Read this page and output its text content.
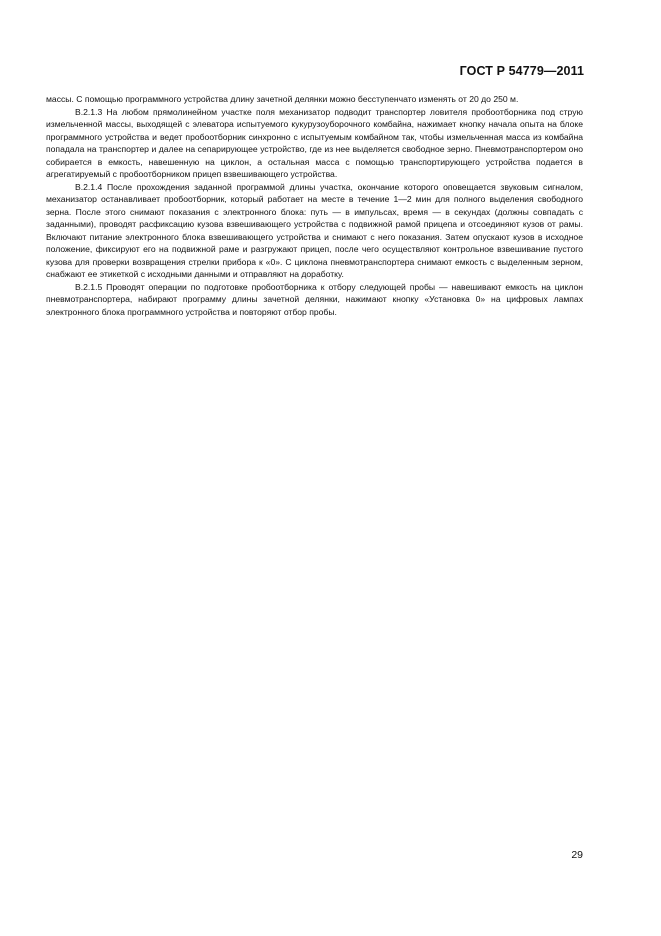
ГОСТ Р 54779—2011

массы. С помощью программного устройства длину зачетной делянки можно бесступенчато изменять от 20 до 250 м.

В.2.1.3 На любом прямолинейном участке поля механизатор подводит транспортер ловителя пробоотборника под струю измельченной массы, выходящей с элеватора испытуемого кукурузоуборочного комбайна, нажимает кнопку начала опыта на блоке программного устройства и ведет пробоотборник синхронно с испытуемым комбайном так, чтобы измельченная масса из комбайна попадала на транспортер и далее на сепарирующее устройство, где из нее выделяется свободное зерно. Пневмотранспортером оно собирается в емкость, навешенную на циклон, а остальная масса с помощью транспортирующего устройства подается в агрегатируемый с пробоотборником прицеп взвешивающего устройства.

В.2.1.4 После прохождения заданной программой длины участка, окончание которого оповещается звуковым сигналом, механизатор останавливает пробоотборник, который работает на месте в течение 1—2 мин для полного выделения свободного зерна. После этого снимают показания с электронного блока: путь — в импульсах, время — в секундах (должны совпадать с заданными), проводят расфиксацию кузова взвешивающего устройства с подвижной рамой прицепа и отсоединяют кузов от рамы. Включают питание электронного блока взвешивающего устройства и снимают с него показания. Затем опускают кузов в исходное положение, фиксируют его на подвижной раме и разгружают прицеп, после чего осуществляют контрольное взвешивание пустого кузова для проверки возвращения стрелки прибора к «0». С циклона пневмотранспортера снимают емкость с выделенным зерном, снабжают ее этикеткой с исходными данными и отправляют на доработку.

В.2.1.5 Проводят операции по подготовке пробоотборника к отбору следующей пробы — навешивают емкость на циклон пневмотранспортера, набирают программу длины зачетной делянки, нажимают кнопку «Установка 0» на цифровых лампах электронного блока программного устройства и повторяют отбор пробы.

29
